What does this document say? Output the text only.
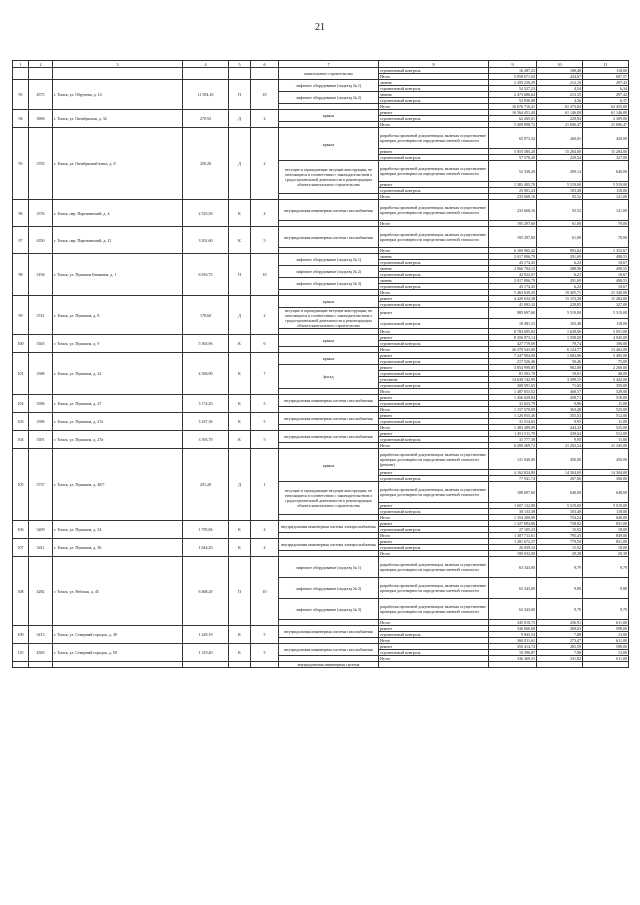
21
1	2	3	4	5	6	7	8	9	10	11
						капитального строительства	строительный контроль	16 287,23	108,48	118,00
							Итого	5 058 671,04	434,67	607,57
93	4575	г. Томск, ул. Обручева, д. 14	11 594,10	П	10	лифтовое оборудование (подъезд № 1)	замена	2 459 220,29	212,10	297,42
							строительный контроль	52 527,23	4,54	6,34
						лифтовое оборудование (подъезд № 2)	замена	2 473 686,64	213,35	297,42
							строительный контроль	52 836,08	4,56	6,37
							Итого	16 676 716,41	61 373,84	62 455,00
94	3696	г. Томск, ул. Октябрьская, д. 32	270,92	Д	2	крыша	ремонт	16 564 451,40	61 146,00	61 146,00
							строительный контроль	62 265,01	229,84	2 309,00
							Итого	5 409 898,72	21 606,47	21 606,47
95	3705	г. Томск, ул. Октябрьский взвоз, д. 8	250,20	Д	2	крыша	разработка проектной документации, включая осуществление проверки достоверности определения сметной стоимости	65 073,34	260,01	420,00
							ремонт	5 055 585,20	15 284,00	15 284,00
							строительный контроль	57 570,20	229,34	327,00
						несущие и ограждающие несущие конструкции, не относящиеся в соответствии с законодательством о градостроительной деятельности к реконструкции объекта капитального строительства	разработка проектной документации, включая осуществление проверки достоверности определения сметной стоимости	52 338,20	209,14	640,00
							ремонт	1 381 405,70	5 519,00	5 519,00
							строительный контроль	25 901,24	103,48	118,00
							Итого	233 668,16	92,52	121,00
96	3376	г. Томск, пер. Партизанский, д. 4	2 525,50	К	4	внутридомовая инженерная система газоснабжения	разработка проектной документации, включая осуществление проверки достоверности определения сметной стоимости	233 668,16	92,52	121,00
							Итого	195 297,60	61,00	70,00
97	4350	г. Томск, пер. Партизанский, д. 21	3 201,60	К	5	внутридомовая инженерная система газоснабжения	разработка проектной документации, включая осуществление проверки достоверности определения сметной стоимости	195 297,60	61,00	70,00
							Итого	6 169 965,42	892,64	1 352,67
98	3194	г. Томск, ул. Пушкина Бенакина, д. 1	6 916,73	П	10	лифтовое оборудование (подъезд № 1)	замена	2 017 896,79	291,69	498,55
							строительный контроль	43 174,45	6,24	10,67
						лифтовое оборудование (подъезд № 2)	замена	2 066 704,15	288,90	498,55
							строительный контроль	42 922,07	6,21	10,67
						лифтовое оборудование (подъезд № 3)	замена	2 017 896,79	291,69	498,55
							строительный контроль	43 174,45	6,24	10,67
							Итого	5 463 639,45	19 405,71	21 340,00
99	3741	г. Томск, ул. Пушкина, д. 8	178,60	Д	2	крыша	ремонт	4 420 634,38	15 153,38	15 284,00
							строительный контроль	41 093,32	229,85	327,00
						несущие и ограждающие несущие конструкции, не относящиеся в соответствии с законодательством о градостроительной деятельности к реконструкции объекта капитального строительства	ремонт	985 697,60	5 519,00	5 519,00
							строительный контроль	18 481,53	103,48	118,00
							Итого	8 784 695,84	1 628,66	5 051,00
100	3363	г. Томск, ул. Пушкина, д. 9	5 363,96	К	6	крыша	ремонт	8 356 973,14	1 558,00	4 945,00
							строительный контроль	427 719,60	79,74	106,00
							Итого	26 379 543,00	6 124,77	13 462,00
101	3368	г. Томск, ул. Пушкина, д. 22	4 306,90	К	7	крыша	ремонт	7 247 904,00	1 682,86	5 495,00
							строительный контроль	217 526,46	50,46	75,00
						фасад	ремонт	3 854 990,85	902,08	2 260,00
							строительный контроль	81 591,70	19,01	48,00
							утепление	14 639 742,99	3 399,15	5 442,00
							строительный контроль	308 591,65	71,65	359,00
							Итого	1 487 653,52	468,57	529,00
102	3396	г. Томск, ул. Пушкина, д. 27	3 174,20	К	5	внутридомовая инженерная система газоснабжения	ремонт	1 456 029,84	458,71	518,00
							строительный контроль	31 623,79	9,96	11,00
							Итого	1 157 570,09	363,48	525,00
103	3396	г. Томск, ул. Пушкина, д. 27а	3 167,36	К	5	внутридомовая инженерная система газоснабжения	ремонт	1 126 055,46	355,53	512,00
							строительный контроль	31 514,63	9,95	11,00
							Итого	1 483 289,09	444,43	525,00
104	3391	г. Томск, ул. Пушкина, д. 27в	3 393,70	К	5	внутридомовая инженерная система газоснабжения	ремонт	1 451 511,79	439,64	512,00
							строительный контроль	31 777,30	9,95	11,00
							Итого	6 200 269,72	21 292,34	21 345,00
105	3737	г. Томск, ул. Пушкина, д. 48/7	291,20	Д	1	крыша	разработка проектной документации, включая осуществление проверки достоверности определения сметной стоимости (ремонт)	131 040,00	450,00	450,00
							ремонт	4 162 824,80	14 304,00	14 304,00
							строительный контроль	77 941,74	267,66	306,00
						несущие и ограждающие несущие конструкции, не относящиеся в соответствии с законодательством о градостроительной деятельности к реконструкции объекта капитального строительства	разработка проектной документации, включая осуществление проверки достоверности определения сметной стоимости	188 697,60	648,00	648,00
							ремонт	1 607 132,80	5 519,00	5 519,00
							строительный контроль	30 133,38	103,48	118,00
							Итого	1 354 200,09	754,24	649,00
106	3409	г. Томск, ул. Пушкина, д. 34	1 795,84	К	4	внутридомовая инженерная система электроснабжения	ремонт	1 327 094,86	738,82	831,00
							строительный контроль	27 105,23	15,92	18,00
							Итого	1 307 711,61	795,43	849,00
107	3411	г. Томск, ул. Пушкина, д. 36	1 644,20	К	4	внутридомовая инженерная система электроснабжения	ремонт	1 281 672,27	779,50	831,00
							строительный контроль	26 039,34	15,92	18,00
							Итого	190 032,00	29,38	29,38
108	4282	г. Томск, ул. Рабочая, д. 45	6 468,20	П	10	лифтовое оборудование (подъезд № 1)	разработка проектной документации, включая осуществление проверки достоверности определения сметной стоимости	63 343,00	9,79	9,79
						лифтовое оборудование (подъезд № 2)	разработка проектной документации, включая осуществление проверки достоверности определения сметной стоимости	63 343,00	9,80	9,80
						лифтовое оборудование (подъезд № 3)	разработка проектной документации, включая осуществление проверки достоверности определения сметной стоимости	63 343,00	9,79	9,79
							Итого	345 910,73	256,91	611,00
109	3413	г. Томск, ул. Северный городок, д. 49	1 249,19	К	5	внутридомовая инженерная система газоснабжения	ремонт	336 066,68	269,03	598,00
							строительный контроль	9 843,54	7,88	13,00
							Итого	360 811,61	273,47	611,00
110	4365	г. Томск, ул. Северный городок, д. 50	1 319,40	К	5	внутридомовая инженерная система газоснабжения	ремонт	350 414,74	265,59	598,00
							строительный контроль	10 396,87	7,88	13,00
							Итого	336 369,31	331,82	611,00
						внутридомовая инженерная система				
